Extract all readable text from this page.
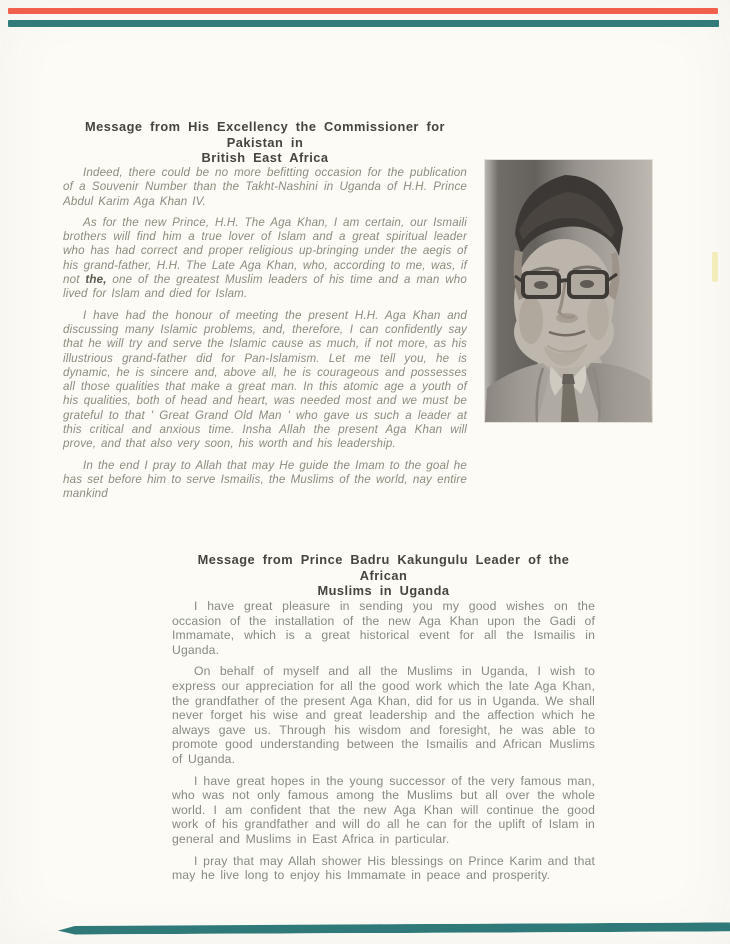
Message from His Excellency the Commissioner for Pakistan in
British East Africa

Indeed, there could be no more befitting occasion for the publication of a Souvenir Number than the Takht-Nashini in Uganda of H.H. Prince Abdul Karim Aga Khan IV.

As for the new Prince, H.H. The Aga Khan, I am certain, our Ismaili brothers will find him a true lover of Islam and a great spiritual leader who has had correct and proper religious up-bringing under the aegis of his grand-father, H.H. The Late Aga Khan, who, according to me, was, if not the, one of the greatest Muslim leaders of his time and a man who lived for Islam and died for Islam.

I have had the honour of meeting the present H.H. Aga Khan and discussing many Islamic problems, and, therefore, I can confidently say that he will try and serve the Islamic cause as much, if not more, as his illustrious grand-father did for Pan-Islamism. Let me tell you, he is dynamic, he is sincere and, above all, he is courageous and possesses all those qualities that make a great man. In this atomic age a youth of his qualities, both of head and heart, was needed most and we must be grateful to that ' Great Grand Old Man ' who gave us such a leader at this critical and anxious time. Insha Allah the present Aga Khan will prove, and that also very soon, his worth and his leadership.

In the end I pray to Allah that may He guide the Imam to the goal he has set before him to serve Ismailis, the Muslims of the world, nay entire mankind

Message from Prince Badru Kakungulu Leader of the African
Muslims in Uganda

I have great pleasure in sending you my good wishes on the occasion of the installation of the new Aga Khan upon the Gadi of Immamate, which is a great historical event for all the Ismailis in Uganda.

On behalf of myself and all the Muslims in Uganda, I wish to express our appreciation for all the good work which the late Aga Khan, the grandfather of the present Aga Khan, did for us in Uganda. We shall never forget his wise and great leadership and the affection which he always gave us. Through his wisdom and foresight, he was able to promote good understanding between the Ismailis and African Muslims of Uganda.

I have great hopes in the young successor of the very famous man, who was not only famous among the Muslims but all over the whole world. I am confident that the new Aga Khan will continue the good work of his grandfather and will do all he can for the uplift of Islam in general and Muslims in East Africa in particular.

I pray that may Allah shower His blessings on Prince Karim and that may he live long to enjoy his Immamate in peace and prosperity.
